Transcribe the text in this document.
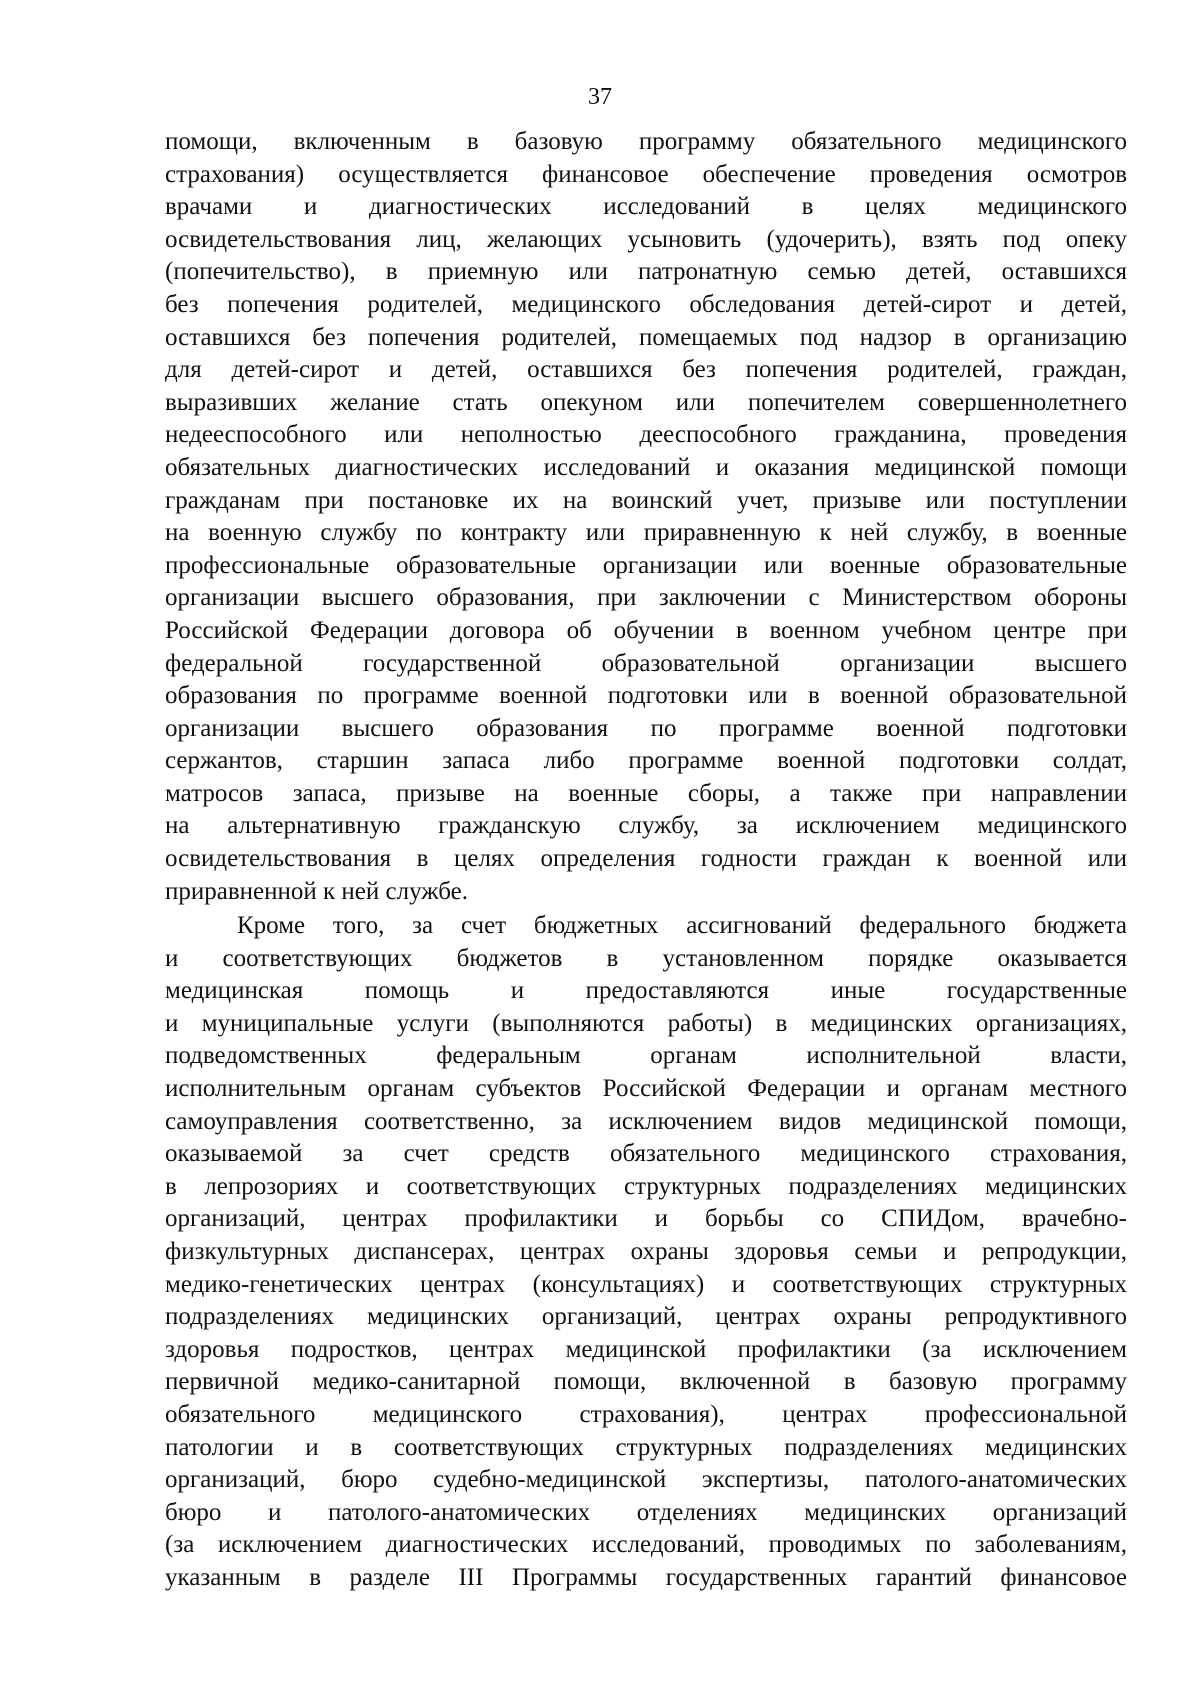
37
помощи, включенным в базовую программу обязательного медицинского
страхования) осуществляется финансовое обеспечение проведения осмотров
врачами и диагностических исследований в целях медицинского
освидетельствования лиц, желающих усыновить (удочерить), взять под опеку
(попечительство), в приемную или патронатную семью детей, оставшихся
без попечения родителей, медицинского обследования детей-сирот и детей,
оставшихся без попечения родителей, помещаемых под надзор в организацию
для детей-сирот и детей, оставшихся без попечения родителей, граждан,
выразивших желание стать опекуном или попечителем совершеннолетнего
недееспособного или неполностью дееспособного гражданина, проведения
обязательных диагностических исследований и оказания медицинской помощи
гражданам при постановке их на воинский учет, призыве или поступлении
на военную службу по контракту или приравненную к ней службу, в военные
профессиональные образовательные организации или военные образовательные
организации высшего образования, при заключении с Министерством обороны
Российской Федерации договора об обучении в военном учебном центре при
федеральной государственной образовательной организации высшего
образования по программе военной подготовки или в военной образовательной
организации высшего образования по программе военной подготовки
сержантов, старшин запаса либо программе военной подготовки солдат,
матросов запаса, призыве на военные сборы, а также при направлении
на альтернативную гражданскую службу, за исключением медицинского
освидетельствования в целях определения годности граждан к военной или
приравненной к ней службе.
Кроме того, за счет бюджетных ассигнований федерального бюджета
и соответствующих бюджетов в установленном порядке оказывается
медицинская помощь и предоставляются иные государственные
и муниципальные услуги (выполняются работы) в медицинских организациях,
подведомственных федеральным органам исполнительной власти,
исполнительным органам субъектов Российской Федерации и органам местного
самоуправления соответственно, за исключением видов медицинской помощи,
оказываемой за счет средств обязательного медицинского страхования,
в лепрозориях и соответствующих структурных подразделениях медицинских
организаций, центрах профилактики и борьбы со СПИДом, врачебно-
физкультурных диспансерах, центрах охраны здоровья семьи и репродукции,
медико-генетических центрах (консультациях) и соответствующих структурных
подразделениях медицинских организаций, центрах охраны репродуктивного
здоровья подростков, центрах медицинской профилактики (за исключением
первичной медико-санитарной помощи, включенной в базовую программу
обязательного медицинского страхования), центрах профессиональной
патологии и в соответствующих структурных подразделениях медицинских
организаций, бюро судебно-медицинской экспертизы, патолого-анатомических
бюро и патолого-анатомических отделениях медицинских организаций
(за исключением диагностических исследований, проводимых по заболеваниям,
указанным в разделе III Программы государственных гарантий финансовое
